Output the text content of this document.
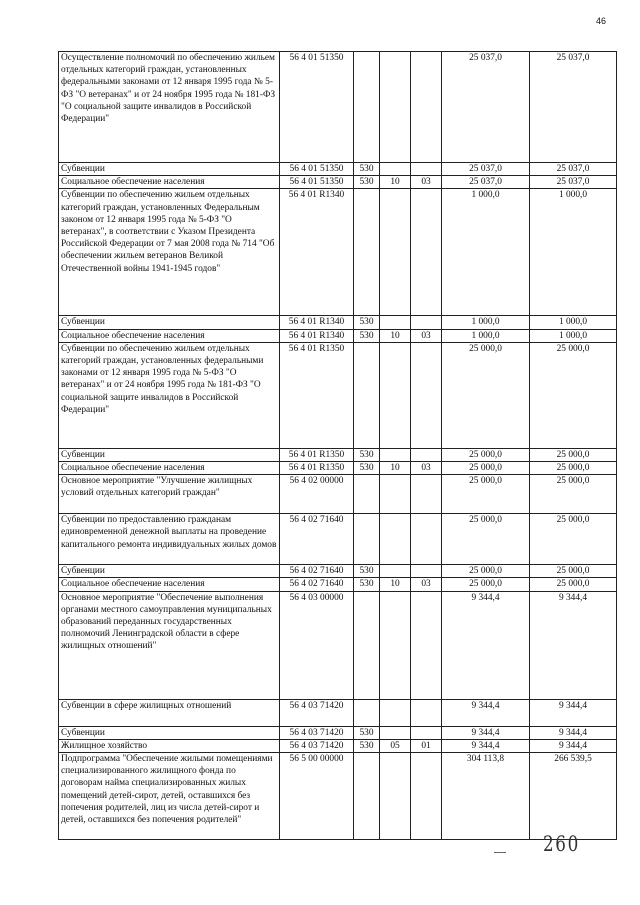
46
Осуществление полномочий по обеспечению жильем отдельных категорий граждан, установленных федеральными законами от 12 января 1995 года № 5-ФЗ "О ветеранах" и от 24 ноября 1995 года № 181-ФЗ "О социальной защите инвалидов в Российской Федерации"	56 4 01 51350				25 037,0	25 037,0
Субвенции	56 4 01 51350	530			25 037,0	25 037,0
Социальное обеспечение населения	56 4 01 51350	530	10	03	25 037,0	25 037,0
Субвенции по обеспечению жильем отдельных категорий граждан, установленных Федеральным законом от 12 января 1995 года № 5-ФЗ "О ветеранах", в соответствии с Указом Президента Российской Федерации от 7 мая 2008 года № 714 "Об обеспечении жильем ветеранов Великой Отечественной войны 1941-1945 годов"	56 4 01 R1340				1 000,0	1 000,0
Субвенции	56 4 01 R1340	530			1 000,0	1 000,0
Социальное обеспечение населения	56 4 01 R1340	530	10	03	1 000,0	1 000,0
Субвенции по обеспечению жильем отдельных категорий граждан, установленных федеральными законами от 12 января 1995 года № 5-ФЗ "О ветеранах" и от 24 ноября 1995 года № 181-ФЗ "О социальной защите инвалидов в Российской Федерации"	56 4 01 R1350				25 000,0	25 000,0
Субвенции	56 4 01 R1350	530			25 000,0	25 000,0
Социальное обеспечение населения	56 4 01 R1350	530	10	03	25 000,0	25 000,0
Основное мероприятие "Улучшение жилищных условий отдельных категорий граждан"	56 4 02 00000				25 000,0	25 000,0
Субвенции по предоставлению гражданам единовременной денежной выплаты на проведение капитального ремонта индивидуальных жилых домов	56 4 02 71640				25 000,0	25 000,0
Субвенции	56 4 02 71640	530			25 000,0	25 000,0
Социальное обеспечение населения	56 4 02 71640	530	10	03	25 000,0	25 000,0
Основное мероприятие "Обеспечение выполнения органами местного самоуправления муниципальных образований переданных государственных полномочий Ленинградской области в сфере жилищных отношений"	56 4 03 00000				9 344,4	9 344,4
Субвенции в сфере жилищных отношений	56 4 03 71420				9 344,4	9 344,4
Субвенции	56 4 03 71420	530			9 344,4	9 344,4
Жилищное хозяйство	56 4 03 71420	530	05	01	9 344,4	9 344,4
Подпрограмма "Обеспечение жилыми помещениями специализированного жилищного фонда по договорам найма специализированных жилых помещений детей-сирот, детей, оставшихся без попечения родителей, лиц из числа детей-сирот и детей, оставшихся без попечения родителей"	56 5 00 00000				304 113,8	266 539,5
260
